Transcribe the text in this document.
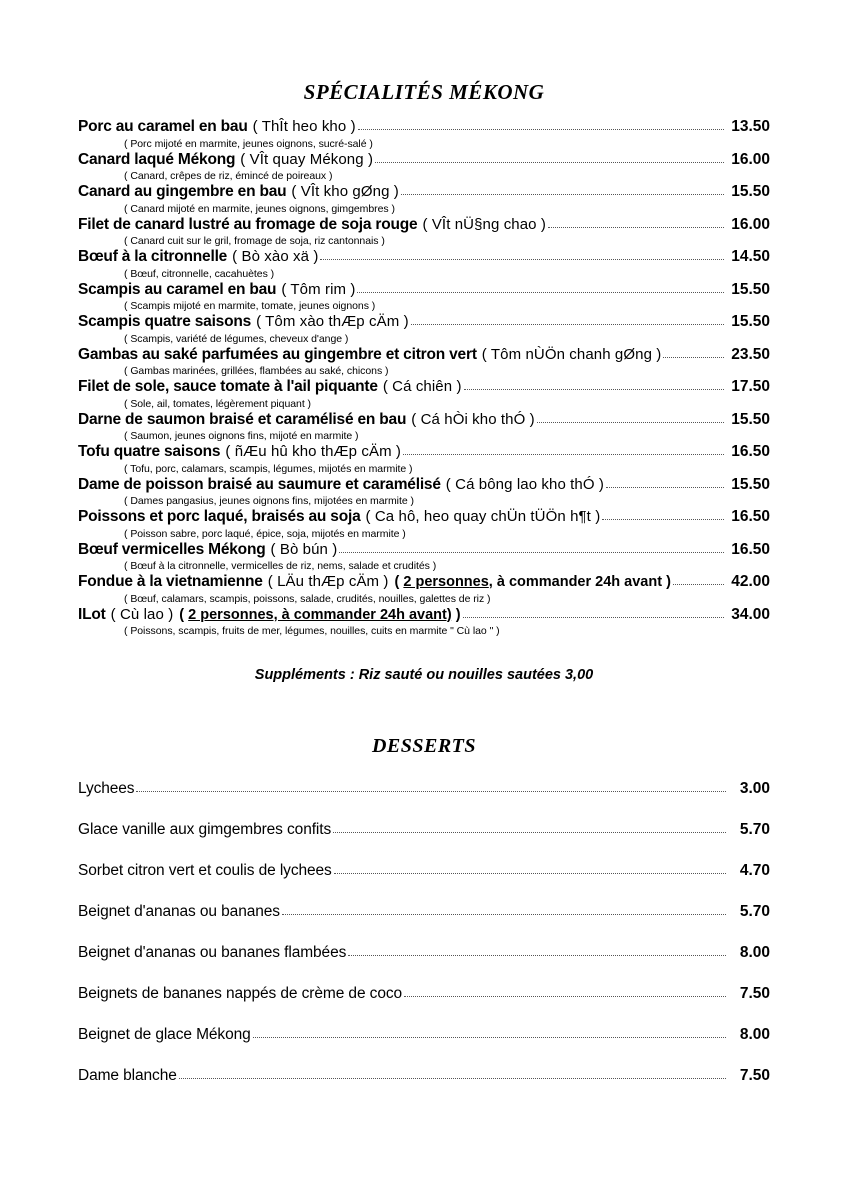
SPÉCIALITÉS MÉKONG
Porc au caramel en bau ( ThÎt heo kho )	13.50
( Porc mijoté en marmite, jeunes oignons, sucré-salé )
Canard laqué Mékong ( VÎt quay Mékong )	16.00
( Canard, crêpes de riz, émincé de poireaux )
Canard au gingembre en bau ( VÎt kho gØng )	15.50
( Canard mijoté en marmite, jeunes oignons, gimgembres )
Filet de canard lustré au fromage de soja rouge ( VÎt nÜ§ng chao )	16.00
( Canard cuit sur le gril, fromage de soja, riz cantonnais )
Bœuf à la citronnelle ( Bò xào xä )	14.50
( Bœuf, citronnelle, cacahuètes )
Scampis au caramel en bau ( Tôm rim )	15.50
( Scampis mijoté en marmite, tomate, jeunes oignons )
Scampis quatre saisons ( Tôm xào thÆp cÄm )	15.50
( Scampis, variété de légumes, cheveux d'ange )
Gambas au saké parfumées au gingembre et citron vert ( Tôm nÙÖn chanh gØng )	23.50
( Gambas marinées, grillées, flambées au saké, chicons )
Filet de sole, sauce tomate à l'ail piquante ( Cá chiên )	17.50
( Sole, ail, tomates, légèrement piquant )
Darne de saumon braisé et caramélisé en bau ( Cá hÒi kho thÓ )	15.50
( Saumon, jeunes oignons fins, mijoté en marmite )
Tofu quatre saisons ( ñÆu hû kho thÆp cÄm )	16.50
( Tofu, porc, calamars, scampis, légumes, mijotés en marmite )
Dame de poisson braisé au saumure et caramélisé ( Cá bông lao kho thÓ )	15.50
( Dames pangasius, jeunes oignons fins, mijotées en marmite )
Poissons et porc laqué, braisés au soja ( Ca hô, heo quay chÜn tÜÖn h¶t )	16.50
( Poisson sabre, porc laqué, épice, soja, mijotés en marmite )
Bœuf vermicelles Mékong ( Bò bún )	16.50
( Bœuf à la citronnelle, vermicelles de riz, nems, salade et crudités )
Fondue à la vietnamienne ( LÄu thÆp cÄm ) ( 2 personnes, à commander 24h avant )	42.00
( Bœuf, calamars, scampis, poissons, salade, crudités, nouilles, galettes de riz )
ILot ( Cù lao ) ( 2 personnes, à commander 24h avant) )	34.00
( Poissons, scampis, fruits de mer, légumes, nouilles, cuits en marmite " Cù lao " )
Suppléments : Riz sauté ou nouilles sautées 3,00
DESSERTS
Lychees	3.00
Glace vanille aux gimgembres confits	5.70
Sorbet citron vert et coulis de lychees	4.70
Beignet d'ananas ou bananes	5.70
Beignet d'ananas ou bananes flambées	8.00
Beignets de bananes nappés de crème de coco	7.50
Beignet de glace Mékong	8.00
Dame blanche	7.50
